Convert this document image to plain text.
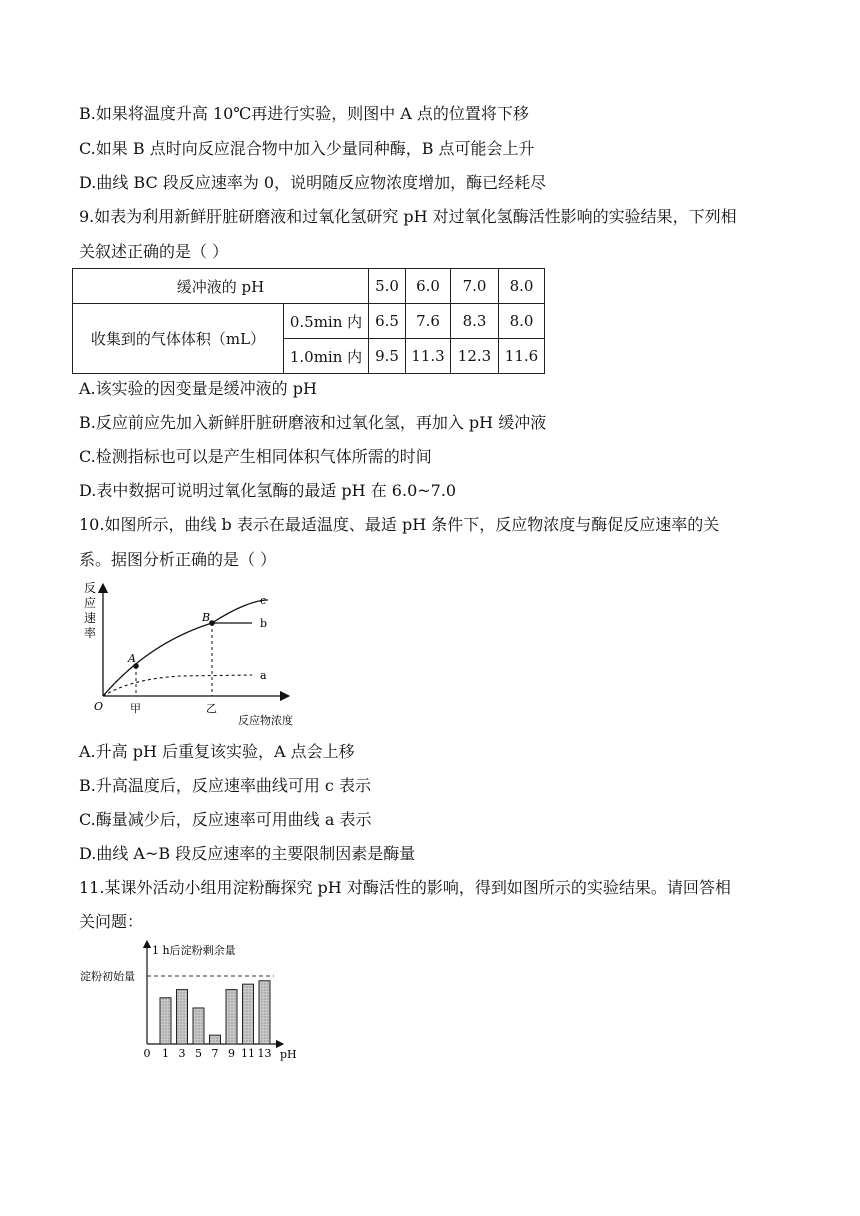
B.如果将温度升高 10℃再进行实验，则图中 A 点的位置将下移
C.如果 B 点时向反应混合物中加入少量同种酶，B 点可能会上升
D.曲线 BC 段反应速率为 0，说明随反应物浓度增加，酶已经耗尽
9.如表为利用新鲜肝脏研磨液和过氧化氢研究 pH 对过氧化氢酶活性影响的实验结果，下列相
关叙述正确的是（ ）
缓冲液的 pH		5.0	6.0	7.0	8.0
收集到的气体体积（mL）	0.5min 内	6.5	7.6	8.3	8.0
	1.0min 内	9.5	11.3	12.3	11.6
A.该实验的因变量是缓冲液的 pH
B.反应前应先加入新鲜肝脏研磨液和过氧化氢，再加入 pH 缓冲液
C.检测指标也可以是产生相同体积气体所需的时间
D.表中数据可说明过氧化氢酶的最适 pH 在 6.0~7.0
10.如图所示，曲线 b 表示在最适温度、最适 pH 条件下，反应物浓度与酶促反应速率的关
系。据图分析正确的是（ ）
反
应
速
率
A
B
c
b
a
O 甲	乙
反应物浓度
A.升高 pH 后重复该实验，A 点会上移
B.升高温度后，反应速率曲线可用 c 表示
C.酶量减少后，反应速率可用曲线 a 表示
D.曲线 A~B 段反应速率的主要限制因素是酶量
11.某课外活动小组用淀粉酶探究 pH 对酶活性的影响，得到如图所示的实验结果。请回答相
关问题：
1 h后淀粉剩余量
淀粉初始量
0 1 3 5 7 9 11 13 pH
